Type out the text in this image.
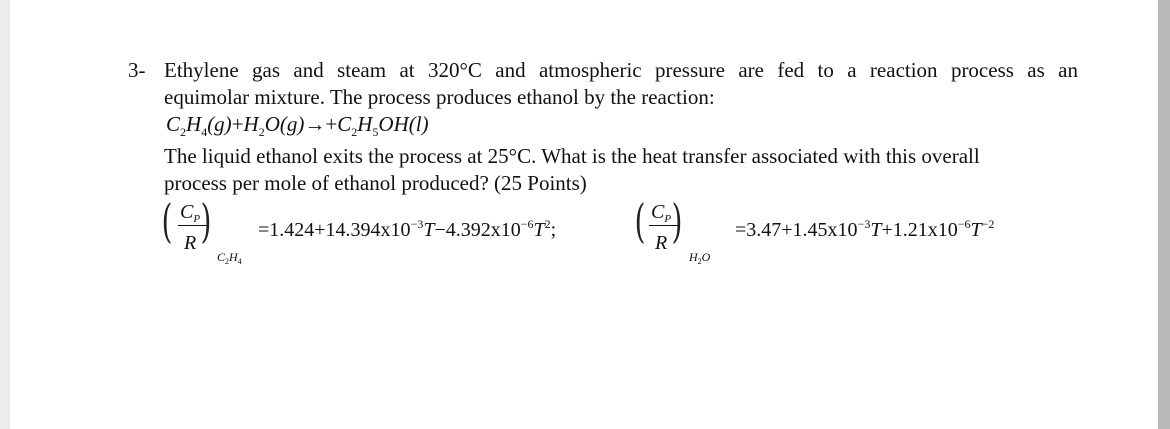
3- Ethylene gas and steam at 320°C and atmospheric pressure are fed to a reaction process as an
equimolar mixture. The process produces ethanol by the reaction:
$C_2H_4(g)+H_2O(g)\to+C_2H_5OH(l)$
The liquid ethanol exits the process at 25°C. What is the heat transfer associated with this overall
process per mole of ethanol produced? (25 Points)
( $C_P$
R )
$C_2H_4$
$=1.424+14.394x10^{-3}T-4.392x10^{-6}T^2$; ( $C_P$
R )
$H_2O$
$=3.47+1.45x10^{-3}T+1.21x10^{-6}T^{-2}$
